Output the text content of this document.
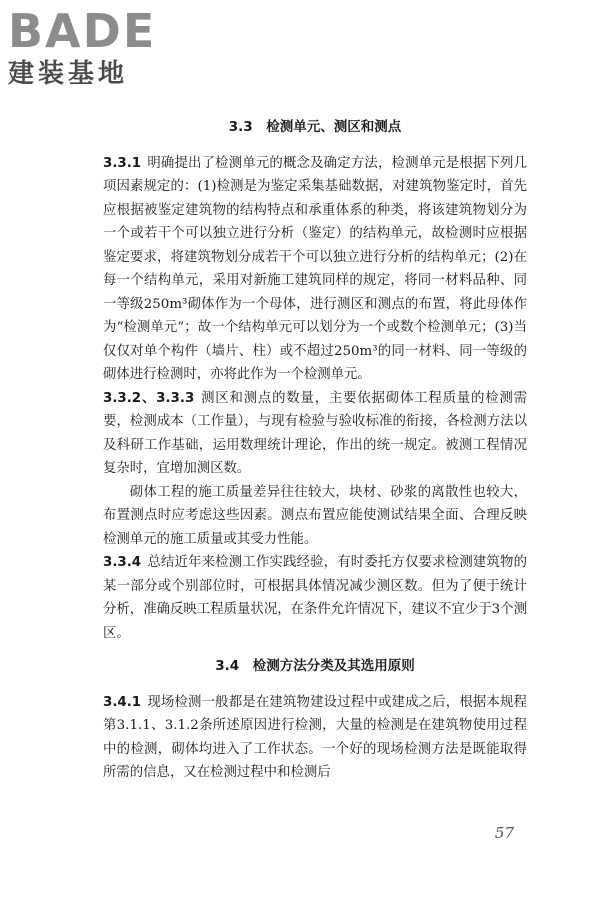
BADE
建装基地
3.3　检测单元、测区和测点

3.3.1 明确提出了检测单元的概念及确定方法，检测单元是根据下列几项因素规定的：(1)检测是为鉴定采集基础数据，对建筑物鉴定时，首先应根据被鉴定建筑物的结构特点和承重体系的种类，将该建筑物划分为一个或若干个可以独立进行分析（鉴定）的结构单元，故检测时应根据鉴定要求，将建筑物划分成若干个可以独立进行分析的结构单元；(2)在每一个结构单元，采用对新施工建筑同样的规定，将同一材料品种、同一等级250m³砌体作为一个母体，进行测区和测点的布置，将此母体作为“检测单元”；故一个结构单元可以划分为一个或数个检测单元；(3)当仅仅对单个构件（墙片、柱）或不超过250m³的同一材料、同一等级的砌体进行检测时，亦将此作为一个检测单元。

3.3.2、3.3.3 测区和测点的数量，主要依据砌体工程质量的检测需要，检测成本（工作量），与现有检验与验收标准的衔接，各检测方法以及科研工作基础，运用数理统计理论，作出的统一规定。被测工程情况复杂时，宜增加测区数。

砌体工程的施工质量差异往往较大，块材、砂浆的离散性也较大，布置测点时应考虑这些因素。测点布置应能使测试结果全面、合理反映检测单元的施工质量或其受力性能。

3.3.4 总结近年来检测工作实践经验，有时委托方仅要求检测建筑物的某一部分或个别部位时，可根据具体情况减少测区数。但为了便于统计分析，准确反映工程质量状况，在条件允许情况下，建议不宜少于3个测区。

3.4　检测方法分类及其选用原则

3.4.1 现场检测一般都是在建筑物建设过程中或建成之后，根据本规程第3.1.1、3.1.2条所述原因进行检测，大量的检测是在建筑物使用过程中的检测，砌体均进入了工作状态。一个好的现场检测方法是既能取得所需的信息，又在检测过程中和检测后

57
